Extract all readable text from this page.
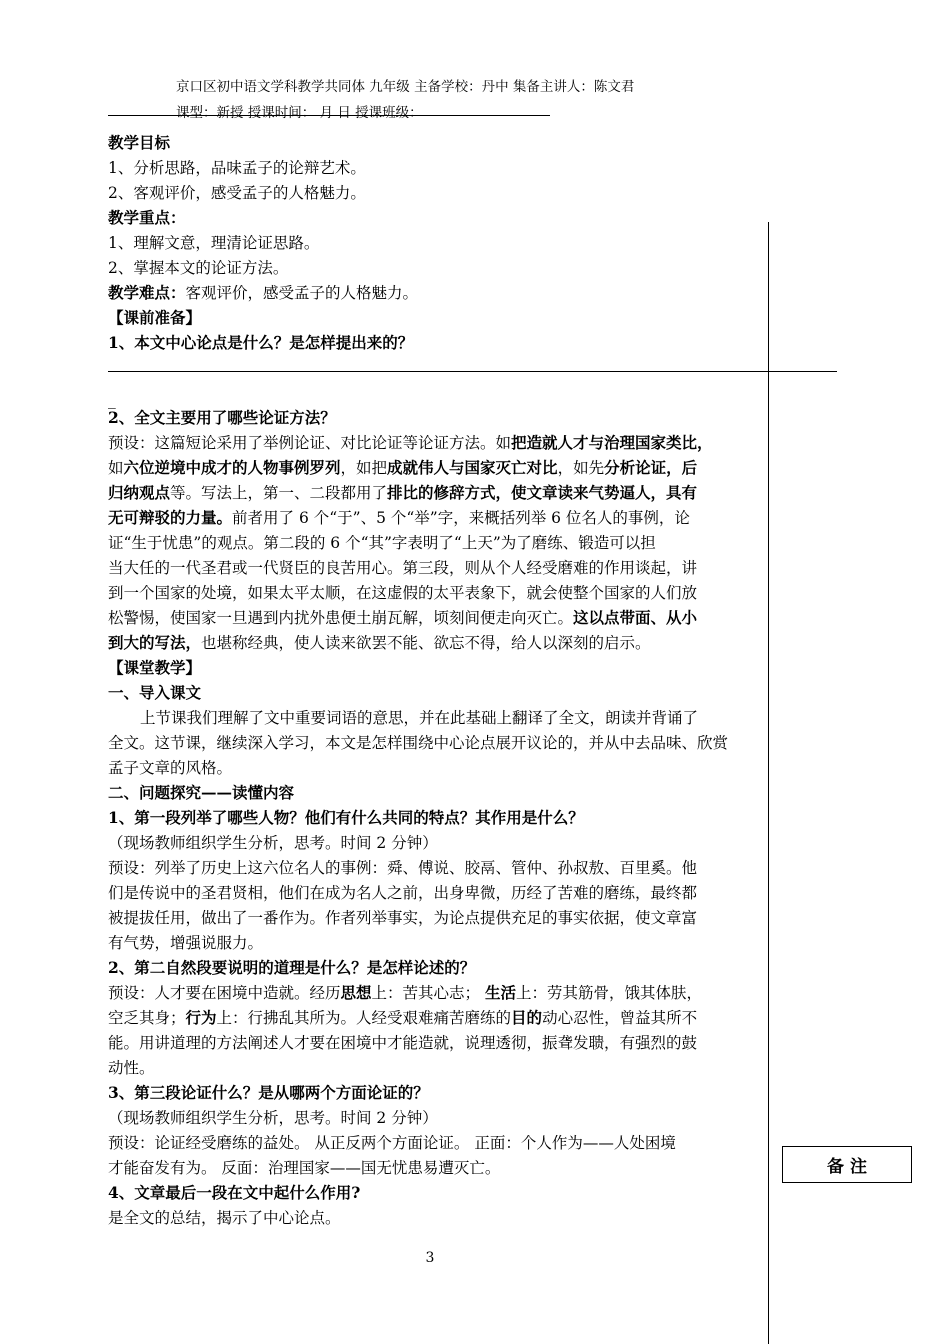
京口区初中语文学科教学共同体 九年级 主备学校：丹中 集备主讲人：陈文君
课型：新授 授课时间： 月 日 授课班级：
教学目标
1、分析思路，品味孟子的论辩艺术。
2、客观评价，感受孟子的人格魅力。
教学重点：
1、理解文意，理清论证思路。
2、掌握本文的论证方法。
教学难点：客观评价，感受孟子的人格魅力。
【课前准备】
1、本文中心论点是什么？是怎样提出来的？
_
2、全文主要用了哪些论证方法？
预设：这篇短论采用了举例论证、对比论证等论证方法。如把造就人才与治理国家类比，
如六位逆境中成才的人物事例罗列，如把成就伟人与国家灭亡对比，如先分析论证，后
归纳观点等。写法上，第一、二段都用了排比的修辞方式，使文章读来气势逼人，具有
无可辩驳的力量。前者用了 6 个“于”、5 个“举”字，来概括列举 6 位名人的事例，论
证“生于忧患”的观点。第二段的 6 个“其”字表明了“上天”为了磨练、锻造可以担
当大任的一代圣君或一代贤臣的良苦用心。第三段，则从个人经受磨难的作用谈起，讲
到一个国家的处境，如果太平太顺，在这虚假的太平表象下，就会使整个国家的人们放
松警惕，使国家一旦遇到内扰外患便土崩瓦解，顷刻间便走向灭亡。这以点带面、从小
到大的写法，也堪称经典，使人读来欲罢不能、欲忘不得，给人以深刻的启示。
【课堂教学】
一、导入课文
上节课我们理解了文中重要词语的意思，并在此基础上翻译了全文，朗读并背诵了
全文。这节课，继续深入学习，本文是怎样围绕中心论点展开议论的，并从中去品味、欣赏
孟子文章的风格。
二、问题探究——读懂内容
1、第一段列举了哪些人物？他们有什么共同的特点？其作用是什么？
（现场教师组织学生分析，思考。时间 2 分钟）
预设：列举了历史上这六位名人的事例：舜、傅说、胶鬲、管仲、孙叔敖、百里奚。他
们是传说中的圣君贤相，他们在成为名人之前，出身卑微，历经了苦难的磨练，最终都
被提拔任用，做出了一番作为。作者列举事实，为论点提供充足的事实依据，使文章富
有气势，增强说服力。
2、第二自然段要说明的道理是什么？是怎样论述的？
预设：人才要在困境中造就。经历思想上：苦其心志； 生活上：劳其筋骨，饿其体肤，
空乏其身；行为上：行拂乱其所为。人经受艰难痛苦磨练的目的动心忍性，曾益其所不
能。用讲道理的方法阐述人才要在困境中才能造就，说理透彻，振聋发聩，有强烈的鼓
动性。
3、第三段论证什么？是从哪两个方面论证的？
（现场教师组织学生分析，思考。时间 2 分钟）
预设：论证经受磨练的益处。 从正反两个方面论证。 正面：个人作为——人处困境
才能奋发有为。 反面：治理国家——国无忧患易遭灭亡。
4、文章最后一段在文中起什么作用?
是全文的总结，揭示了中心论点。
备 注
3
